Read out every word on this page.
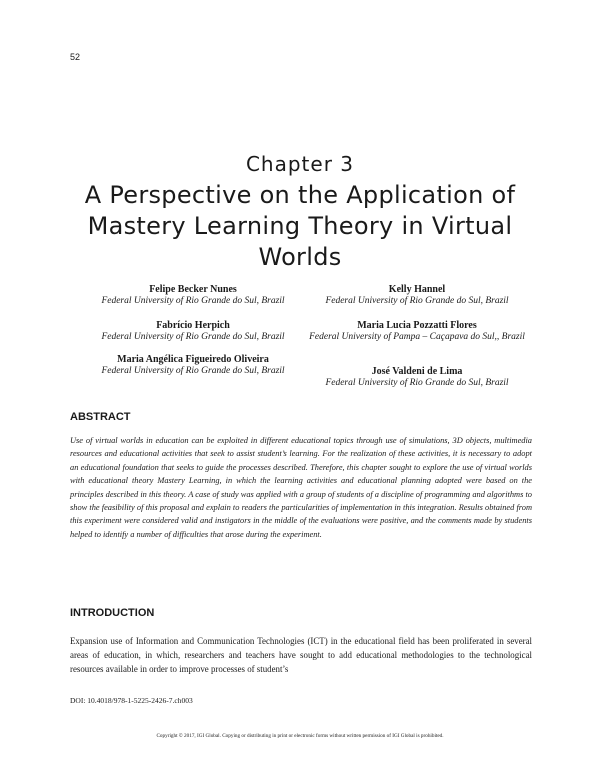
52
Chapter 3
A Perspective on the Application of Mastery Learning Theory in Virtual Worlds
Felipe Becker Nunes
Federal University of Rio Grande do Sul, Brazil
Fabrício Herpich
Federal University of Rio Grande do Sul, Brazil
Maria Angélica Figueiredo Oliveira
Federal University of Rio Grande do Sul, Brazil
Kelly Hannel
Federal University of Rio Grande do Sul, Brazil
Maria Lucia Pozzatti Flores
Federal University of Pampa – Caçapava do Sul,, Brazil
José Valdeni de Lima
Federal University of Rio Grande do Sul, Brazil
ABSTRACT

Use of virtual worlds in education can be exploited in different educational topics through use of simulations, 3D objects, multimedia resources and educational activities that seek to assist student’s learning. For the realization of these activities, it is necessary to adopt an educational foundation that seeks to guide the processes described. Therefore, this chapter sought to explore the use of virtual worlds with educational theory Mastery Learning, in which the learning activities and educational planning adopted were based on the principles described in this theory. A case of study was applied with a group of students of a discipline of programming and algorithms to show the feasibility of this proposal and explain to readers the particularities of implementation in this integration. Results obtained from this experiment were considered valid and instigators in the middle of the evaluations were positive, and the comments made by students helped to identify a number of difficulties that arose during the experiment.

INTRODUCTION

Expansion use of Information and Communication Technologies (ICT) in the educational field has been proliferated in several areas of education, in which, researchers and teachers have sought to add educational methodologies to the technological resources available in order to improve processes of student’s

DOI: 10.4018/978-1-5225-2426-7.ch003
Copyright © 2017, IGI Global. Copying or distributing in print or electronic forms without written permission of IGI Global is prohibited.
